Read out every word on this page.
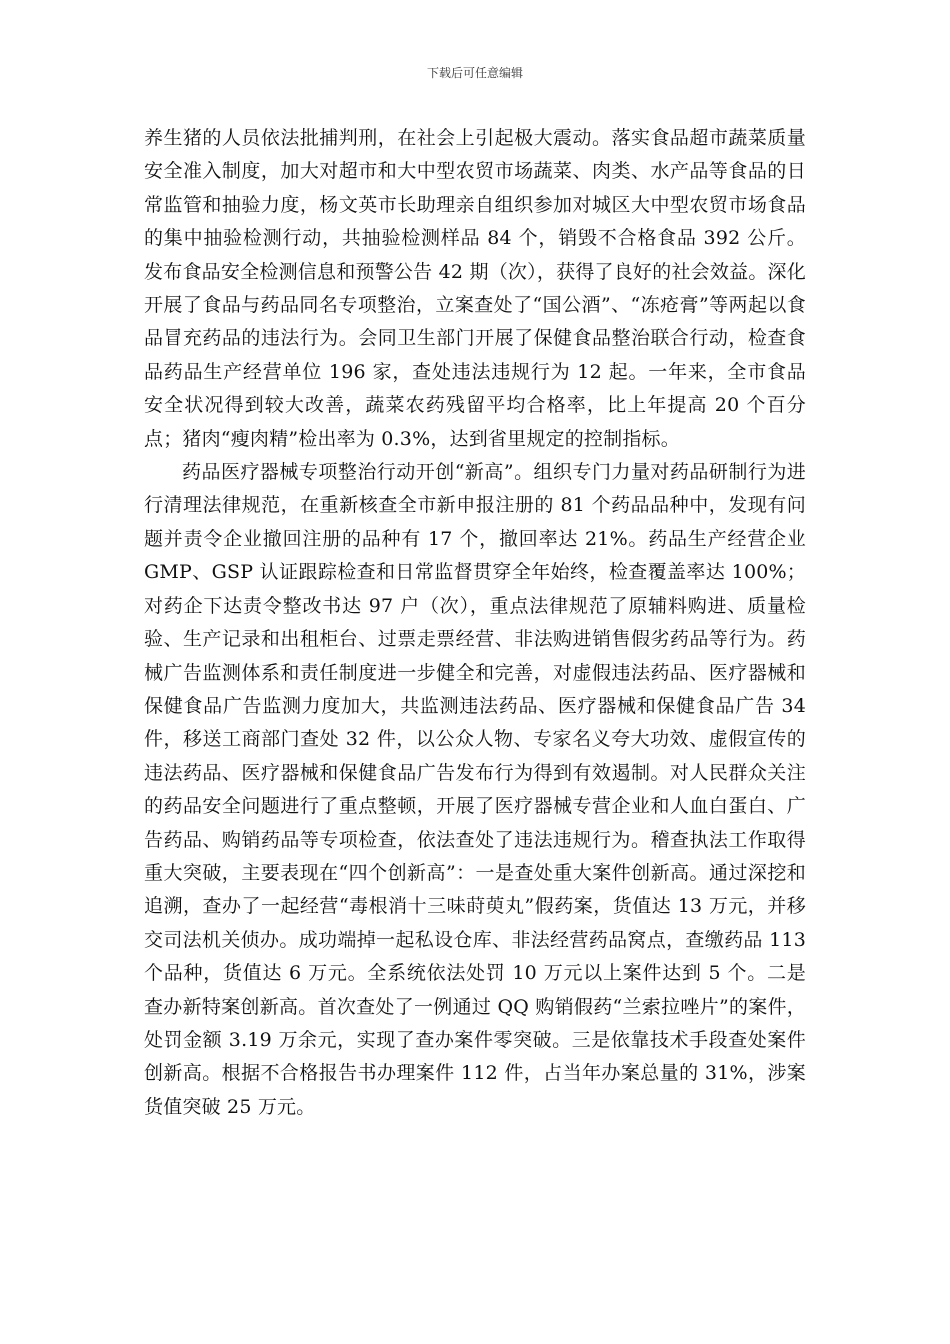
下载后可任意编辑

养生猪的人员依法批捕判刑，在社会上引起极大震动。落实食品超市蔬菜质量安全准入制度，加大对超市和大中型农贸市场蔬菜、肉类、水产品等食品的日常监管和抽验力度，杨文英市长助理亲自组织参加对城区大中型农贸市场食品的集中抽验检测行动，共抽验检测样品 84 个，销毁不合格食品 392 公斤。发布食品安全检测信息和预警公告 42 期（次），获得了良好的社会效益。深化开展了食品与药品同名专项整治，立案查处了“国公酒”、“冻疮膏”等两起以食品冒充药品的违法行为。会同卫生部门开展了保健食品整治联合行动，检查食品药品生产经营单位 196 家，查处违法违规行为 12 起。一年来，全市食品安全状况得到较大改善，蔬菜农药残留平均合格率，比上年提高 20 个百分点；猪肉“瘦肉精”检出率为 0.3%，达到省里规定的控制指标。

药品医疗器械专项整治行动开创“新高”。组织专门力量对药品研制行为进行清理法律规范，在重新核查全市新申报注册的 81 个药品品种中，发现有问题并责令企业撤回注册的品种有 17 个，撤回率达 21%。药品生产经营企业 GMP、GSP 认证跟踪检查和日常监督贯穿全年始终，检查覆盖率达 100%；对药企下达责令整改书达 97 户（次），重点法律规范了原辅料购进、质量检验、生产记录和出租柜台、过票走票经营、非法购进销售假劣药品等行为。药械广告监测体系和责任制度进一步健全和完善，对虚假违法药品、医疗器械和保健食品广告监测力度加大，共监测违法药品、医疗器械和保健食品广告 34 件，移送工商部门查处 32 件，以公众人物、专家名义夸大功效、虚假宣传的违法药品、医疗器械和保健食品广告发布行为得到有效遏制。对人民群众关注的药品安全问题进行了重点整顿，开展了医疗器械专营企业和人血白蛋白、广告药品、购销药品等专项检查，依法查处了违法违规行为。稽查执法工作取得重大突破，主要表现在“四个创新高”：一是查处重大案件创新高。通过深挖和追溯，查办了一起经营“毒根消十三味莳萸丸”假药案，货值达 13 万元，并移交司法机关侦办。成功端掉一起私设仓库、非法经营药品窝点，查缴药品 113 个品种，货值达 6 万元。全系统依法处罚 10 万元以上案件达到 5 个。二是查办新特案创新高。首次查处了一例通过 QQ 购销假药“兰索拉唑片”的案件，处罚金额 3.19 万余元，实现了查办案件零突破。三是依靠技术手段查处案件创新高。根据不合格报告书办理案件 112 件，占当年办案总量的 31%，涉案货值突破 25 万元。
